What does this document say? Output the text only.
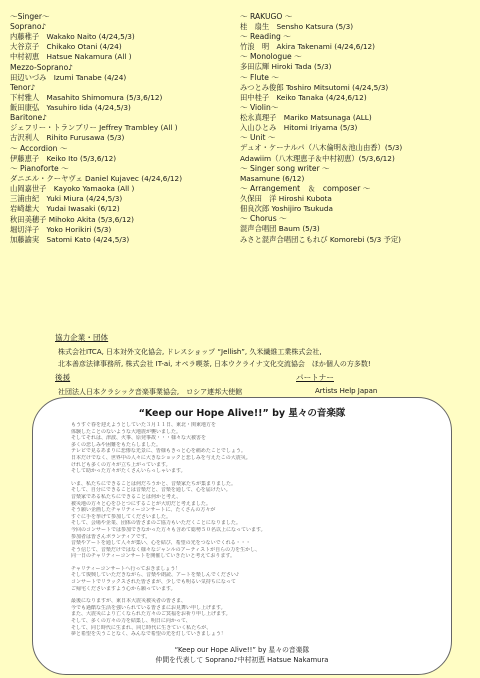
～Singer～
Soprano♪
内藤稚子　Wakako Naito (4/24,5/3)
大谷京子　Chikako Otani (4/24)
中村初恵　Hatsue Nakamura (All )
Mezzo-Soprano♪
田辺いづみ　Izumi Tanabe (4/24)
Tenor♪
下村雅人　Masahito Shimomura (5/3,6/12)
飯田康弘　Yasuhiro Iida (4/24,5/3)
Baritone♪
ジェフリー・トランブリー Jeffrey Trambley (All )
古沢利人　Rihito Furusawa (5/3)
～ Accordion ～
伊藤恵子　Keiko Ito (5/3,6/12)
～ Pianoforte ～
ダニエル・クーヤヴェ Daniel Kujavec (4/24,6/12)
山岡嘉世子　Kayoko Yamaoka (All )
三浦由紀　Yuki Miura (4/24,5/3)
岩崎雄大　Yudai Iwasaki (6/12)
秋田美穂子 Mihoko Akita (5/3,6/12)
堀切洋子　Yoko Horikiri (5/3)
加藤諭実　Satomi Kato (4/24,5/3)
～ RAKUGO ～
桂　扇生　Sensho Katsura (5/3)
～ Reading ～
竹浪　明　Akira Takenami (4/24,6/12)
～ Monologue ～
多田広輝 Hiroki Tada (5/3)
～ Flute ～
みつとみ俊郎 Toshiro Mitsutomi (4/24,5/3)
田中桂子　Keiko Tanaka (4/24,6/12)
～ Violin～
松永真理子　Mariko Matsunaga (ALL)
入山ひとみ　Hitomi Iriyama (5/3)
～ Unit ～
デュオ・ケーナルパ（八木倫明＆池山由香）(5/3)
Adawiim（八木理恵子＆中村初恵）(5/3,6/12)
～ Singer song writer ～
Masamune (6/12)
～ Arrangement　＆　composer ～
久保田　洋 Hiroshi Kubota
佃良次郎 Yoshijiro Tsukuda
～ Chorus ～
混声合唱団 Baum (5/3)
みさと混声合唱団こもれび Komorebi (5/3 予定)
協力企業・団体
株式会社ITCA, 日本対外文化協会, ドレスショップ “Jellish”, 久米繊維工業株式会社,
北本善彦法律事務所, 株式会社 IT-ai, オペラ喫茶, 日本ウクライナ文化交流協会　ほか個人の方多数!
後援	パートナー
社団法人日本クラシック音楽事業協会,　ロシア連邦大使館	Artists Help Japan
“Keep our Hope Alive!!” by 星々の音楽隊
もうすぐ春を迎えようとしていた３月１１日、東北・関東地方を
体験したことのないような大地震が襲いました。
そしてそれは、津波、火事、原発事故・・・様々な大被害を
多くの悲しみや困難をもたらしました。
テレビで見るあまりに悲惨な光景に、皆様もきっと心を痛めたことでしょう。
日本だけでなく、世界中の人々に大きなショックと悲しみを与えたこの大震災。
けれども多くの方々が立ち上がっています。
そして助かった方々がたくさんいらっしゃいます。
いま、私たちにできることは何だろうかと、音楽家たちが集まりました。
そして、自分にできることは音楽だと、音楽を通して、心を届けたい。
音楽家である私たちにできることは何かと考え、
被災地の方々と心をひとつにすることが大切だと考えました。
そう願い企画したチャリティーコンサートに、たくさんの方々が
すぐに手を挙げて参加してくださいました。
そして、会場や企業、団体の皆さまのご協力もいただくことになりました。
今回のコンサートでは参加できなかった方々も含めて総勢５０名以上になっています。
参加者は皆さんボランティアです。
音楽やアートを通して人々が集い、心を結び、希望の光をつないでくれる・・・
そう信じて、音楽だけではなく様々なジャンルのアーティストが自らの力を生かし、
同一日のチャリティーコンサートを開催していきたいと考えております。
チャリティーコンサートへ行っておきましょう！
そして復興していただきながら、音楽や朗読、アートを楽しんでください♪
コンサートでリラックスされた皆さまが、少しでも明るい気持ちになって
ご帰宅くださいますよう心から願っています。
最後になりますが、東日本大震災被災者の皆さま、
今でも過酷な生活を強いられている皆さまにお見舞い申し上げます。
また、大震災により亡くなられた方々のご冥福をお祈り申し上げます。
そして、多くの方々の力を結集し、明日に向かって、
そして、同じ時代に生まれ、同じ時代に生きていく私たちが、
夢と希望を失うことなく、みんなで希望の光を灯していきましょう！
“Keep our Hope Alive!!” by 星々の音楽隊
仲間を代表して Soprano♪中村初恵 Hatsue Nakamura
